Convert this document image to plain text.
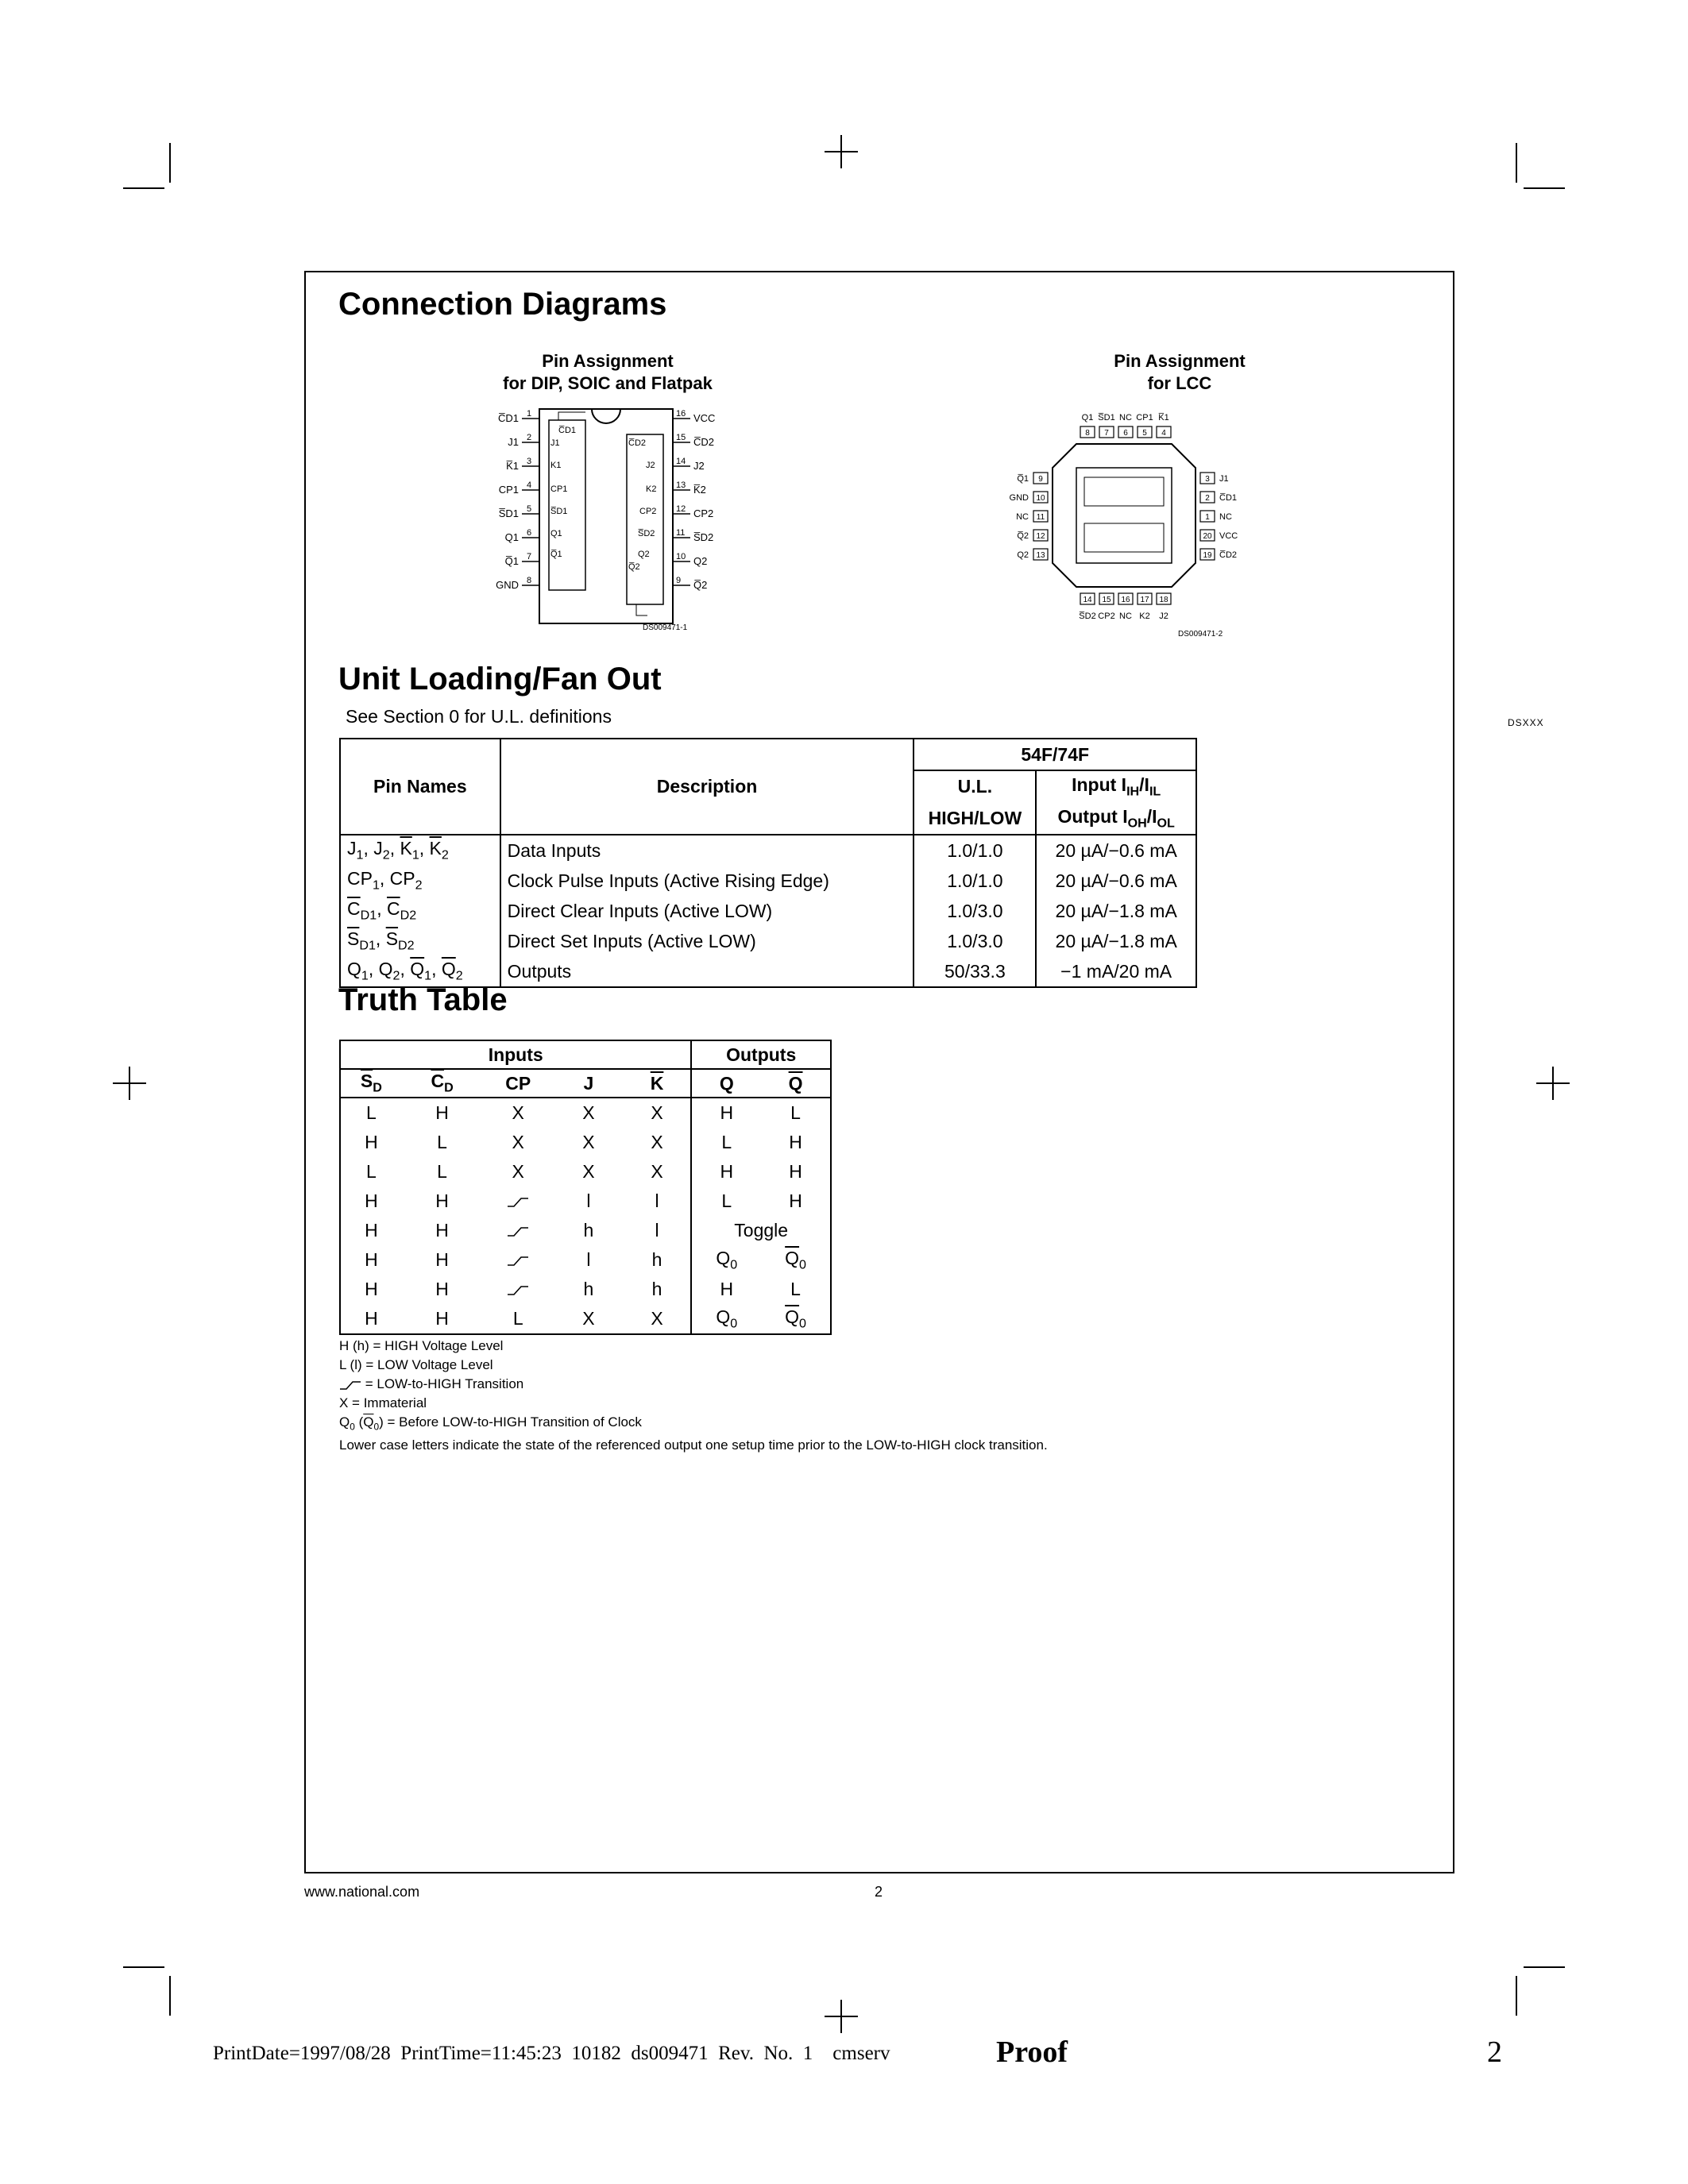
DSXXX
Connection Diagrams
Pin Assignment
for DIP, SOIC and Flatpak
1
C̅D1
2
J1
3
K̅1
4
CP1
5
S̅D1
6
Q1
7
Q̅1
8
GND
16 VCC
15 C̅D2
14 J2
13 K̅2
12 CP2
11 S̅D2
10 Q2
9 Q̅2
C̅D1
J1
K1
CP1
S̅D1
Q1
Q̅1
C̅D2
J2
K2
CP2
S̅D2
Q2
Q̅2
DS009471-1
Pin Assignment
for LCC
8
Q1
7
S̅D1
6
NC
5
CP1
4
K̅1
9
Q̅1
10
GND
11
NC
12
Q̅2
13
Q2
3 J1
2 C̅D1
1 NC
20 VCC
19 C̅D2
14
S̅D2
15
CP2
16
NC
17
K2
18
J2
DS009471-2
Unit Loading/Fan Out
See Section 0 for U.L. definitions
Pin Names	Description	54F/74F	
		U.L.	Input $I_{IH}/I_{IL}$
		HIGH/LOW	Output $I_{OH}/I_{OL}$
$J_1$, $J_2$, $\overline{K}_1$, $\overline{K}_2$	Data Inputs	1.0/1.0	20 µA/−0.6 mA
$CP_1$, $CP_2$	Clock Pulse Inputs (Active Rising Edge)	1.0/1.0	20 µA/−0.6 mA
$\overline{C}_{D1}$, $\overline{C}_{D2}$	Direct Clear Inputs (Active LOW)	1.0/3.0	20 µA/−1.8 mA
$\overline{S}_{D1}$, $\overline{S}_{D2}$	Direct Set Inputs (Active LOW)	1.0/3.0	20 µA/−1.8 mA
$Q_1$, $Q_2$, $\overline{Q}_1$, $\overline{Q}_2$	Outputs	50/33.3	−1 mA/20 mA
Truth Table
Inputs					Outputs	
$\overline{S}_D$	$\overline{C}_D$	CP	J	$\overline{K}$	Q	$\overline{Q}$
L	H	X	X	X	H	L
H	L	X	X	X	L	H
L	L	X	X	X	H	H
H	H		l	l	L	H
H	H		h	l	Toggle	
H	H		l	h	$Q_0$	$\overline{Q}_0$
H	H		h	h	H	L
H	H	L	X	X	$Q_0$	$\overline{Q}_0$
H (h) = HIGH Voltage Level
L (l) = LOW Voltage Level
= LOW-to-HIGH Transition
X = Immaterial
$Q_0$ $(\overline{Q}_0)$ = Before LOW-to-HIGH Transition of Clock
Lower case letters indicate the state of the referenced output one setup time prior to the LOW-to-HIGH clock transition.
www.national.com	2
PrintDate=1997/08/28  PrintTime=11:45:23  10182  ds009471  Rev.  No.  1    cmserv	Proof	2
